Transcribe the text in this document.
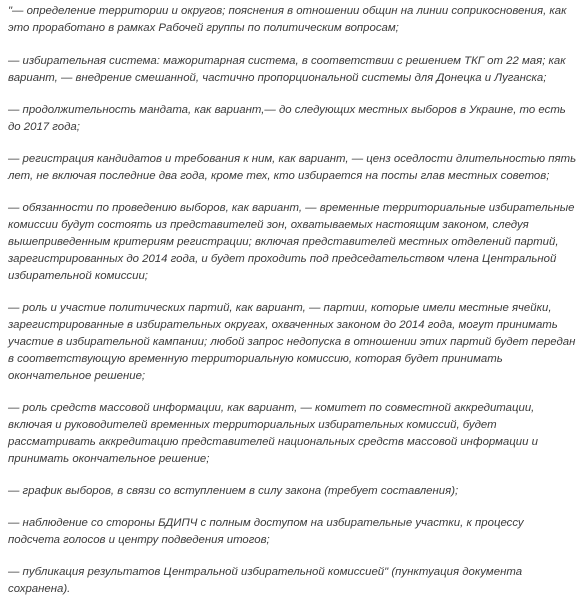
"— определение территории и округов; пояснения в отношении общин на линии соприкосновения, как это проработано в рамках Рабочей группы по политическим вопросам;

— избирательная система: мажоритарная система, в соответствии с решением ТКГ от 22 мая; как вариант, — внедрение смешанной, частично пропорциональной системы для Донецка и Луганска;

— продолжительность мандата, как вариант,— до следующих местных выборов в Украине, то есть до 2017 года;

— регистрация кандидатов и требования к ним, как вариант, — ценз оседлости длительностью пять лет, не включая последние два года, кроме тех, кто избирается на посты глав местных советов;

— обязанности по проведению выборов, как вариант, — временные территориальные избирательные комиссии будут состоять из представителей зон, охватываемых настоящим законом, следуя вышеприведенным критериям регистрации; включая представителей местных отделений партий, зарегистрированных до 2014 года, и будет проходить под председательством члена Центральной избирательной комиссии;

— роль и участие политических партий, как вариант, — партии, которые имели местные ячейки, зарегистрированные в избирательных округах, охваченных законом до 2014 года, могут принимать участие в избирательной кампании; любой запрос недопуска в отношении этих партий будет передан в соответствующую временную территориальную комиссию, которая будет принимать окончательное решение;

— роль средств массовой информации, как вариант, — комитет по совместной аккредитации, включая и руководителей временных территориальных избирательных комиссий, будет рассматривать аккредитацию представителей национальных средств массовой информации и принимать окончательное решение;

— график выборов, в связи со вступлением в силу закона (требует составления);

— наблюдение со стороны БДИПЧ с полным доступом на избирательные участки, к процессу подсчета голосов и центру подведения итогов;

— публикация результатов Центральной избирательной комиссией" (пунктуация документа сохранена).
